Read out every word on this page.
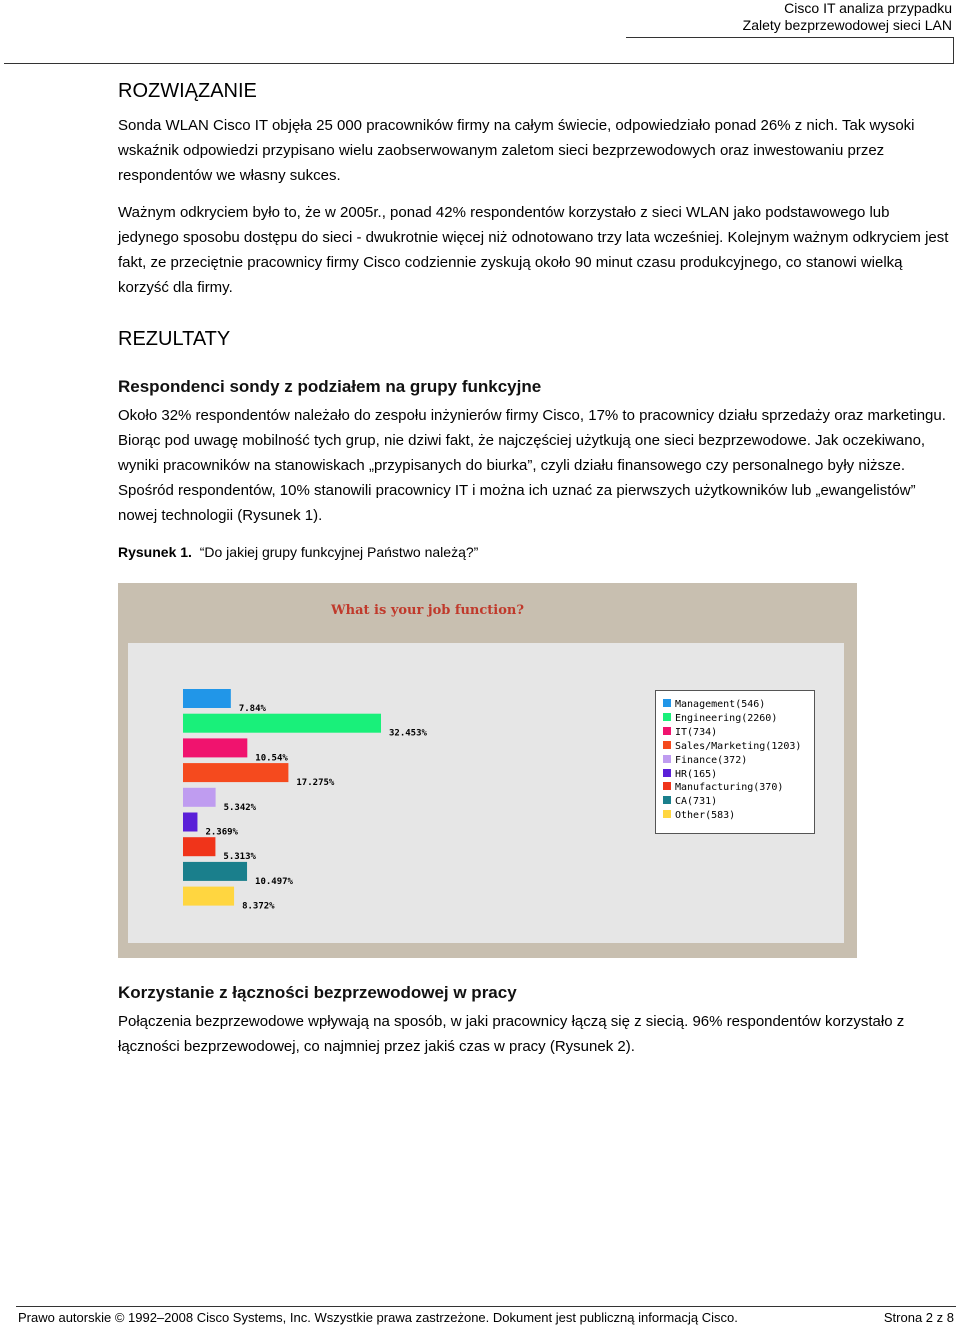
Cisco IT analiza przypadku
Zalety bezprzewodowej sieci LAN
ROZWIĄZANIE

Sonda WLAN Cisco IT objęła 25 000 pracowników firmy na całym świecie, odpowiedziało ponad 26% z nich. Tak wysoki wskaźnik odpowiedzi przypisano wielu zaobserwowanym zaletom sieci bezprzewodowych oraz inwestowaniu przez respondentów we własny sukces.

Ważnym odkryciem było to, że w 2005r., ponad 42% respondentów korzystało z sieci WLAN jako podstawowego lub jedynego sposobu dostępu do sieci - dwukrotnie więcej niż odnotowano trzy lata wcześniej. Kolejnym ważnym odkryciem jest fakt, ze przeciętnie pracownicy firmy Cisco codziennie zyskują około 90 minut czasu produkcyjnego, co stanowi wielką korzyść dla firmy.

REZULTATY
Respondenci sondy z podziałem na grupy funkcyjne

Około 32% respondentów należało do zespołu inżynierów firmy Cisco, 17% to pracownicy działu sprzedaży oraz marketingu. Biorąc pod uwagę mobilność tych grup, nie dziwi fakt, że najczęściej użytkują one sieci bezprzewodowe. Jak oczekiwano, wyniki pracowników na stanowiskach „przypisanych do biurka”, czyli działu finansowego czy personalnego były niższe. Spośród respondentów, 10% stanowili pracownicy IT i można ich uznać za pierwszych użytkowników lub „ewangelistów” nowej technologii (Rysunek 1).

Rysunek 1. “Do jakiej grupy funkcyjnej Państwo należą?”
What is your job function?
7.84%
32.453%
10.54%
17.275%
5.342%
2.369%
5.313%
10.497%
8.372%
Management(546)
Engineering(2260)
IT(734)
Sales/Marketing(1203)
Finance(372)
HR(165)
Manufacturing(370)
CA(731)
Other(583)
Korzystanie z łączności bezprzewodowej w pracy

Połączenia bezprzewodowe wpływają na sposób, w jaki pracownicy łączą się z siecią. 96% respondentów korzystało z łączności bezprzewodowej, co najmniej przez jakiś czas w pracy (Rysunek 2).

Prawo autorskie © 1992–2008 Cisco Systems, Inc. Wszystkie prawa zastrzeżone. Dokument jest publiczną informacją Cisco.	Strona 2 z 8
